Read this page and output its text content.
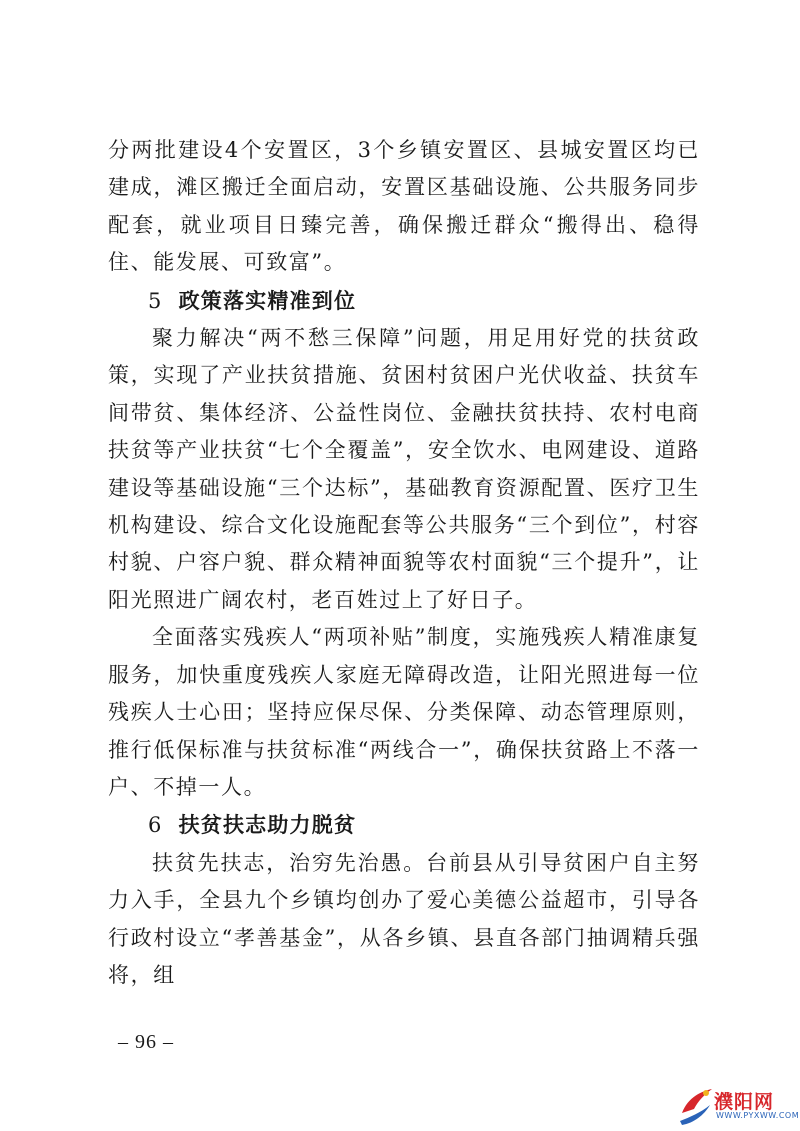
分两批建设4个安置区，3个乡镇安置区、县城安置区均已建成，滩区搬迁全面启动，安置区基础设施、公共服务同步配套，就业项目日臻完善，确保搬迁群众“搬得出、稳得住、能发展、可致富”。

5 政策落实精准到位

聚力解决“两不愁三保障”问题，用足用好党的扶贫政策，实现了产业扶贫措施、贫困村贫困户光伏收益、扶贫车间带贫、集体经济、公益性岗位、金融扶贫扶持、农村电商扶贫等产业扶贫“七个全覆盖”，安全饮水、电网建设、道路建设等基础设施“三个达标”，基础教育资源配置、医疗卫生机构建设、综合文化设施配套等公共服务“三个到位”，村容村貌、户容户貌、群众精神面貌等农村面貌“三个提升”，让阳光照进广阔农村，老百姓过上了好日子。

全面落实残疾人“两项补贴”制度，实施残疾人精准康复服务，加快重度残疾人家庭无障碍改造，让阳光照进每一位残疾人士心田；坚持应保尽保、分类保障、动态管理原则，推行低保标准与扶贫标准“两线合一”，确保扶贫路上不落一户、不掉一人。

6 扶贫扶志助力脱贫

扶贫先扶志，治穷先治愚。台前县从引导贫困户自主努力入手，全县九个乡镇均创办了爱心美德公益超市，引导各行政村设立“孝善基金”，从各乡镇、县直各部门抽调精兵强将，组

– 96 –
濮阳网
WWW.PYXWW.COM
